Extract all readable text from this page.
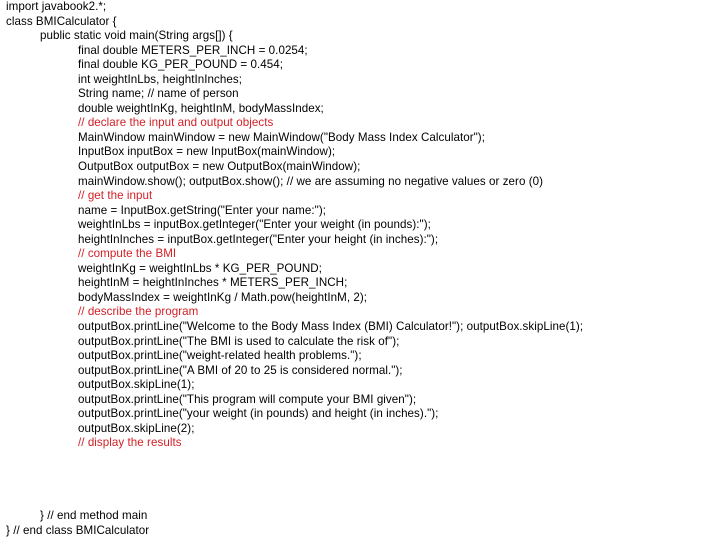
import javabook2.*;
class BMICalculator {
public static void main(String args[]) {
final double METERS_PER_INCH = 0.0254;
final double KG_PER_POUND = 0.454;
int weightInLbs, heightInInches;
String name; // name of person
double weightInKg, heightInM, bodyMassIndex;
// declare the input and output objects
MainWindow mainWindow = new MainWindow("Body Mass Index Calculator");
InputBox inputBox = new InputBox(mainWindow);
OutputBox outputBox = new OutputBox(mainWindow);
mainWindow.show(); outputBox.show(); // we are assuming no negative values or zero (0)
// get the input
name = InputBox.getString("Enter your name:");
weightInLbs = inputBox.getInteger("Enter your weight (in pounds):");
heightInInches = inputBox.getInteger("Enter your height (in inches):");
// compute the BMI
weightInKg = weightInLbs * KG_PER_POUND;
heightInM = heightInInches * METERS_PER_INCH;
bodyMassIndex = weightInKg / Math.pow(heightInM, 2);
// describe the program
outputBox.printLine("Welcome to the Body Mass Index (BMI) Calculator!"); outputBox.skipLine(1);
outputBox.printLine("The BMI is used to calculate the risk of");
outputBox.printLine("weight-related health problems.");
outputBox.printLine("A BMI of 20 to 25 is considered normal.");
outputBox.skipLine(1);
outputBox.printLine("This program will compute your BMI given");
outputBox.printLine("your weight (in pounds) and height (in inches).");
outputBox.skipLine(2);
// display the results
} // end method main
} // end class BMICalculator
